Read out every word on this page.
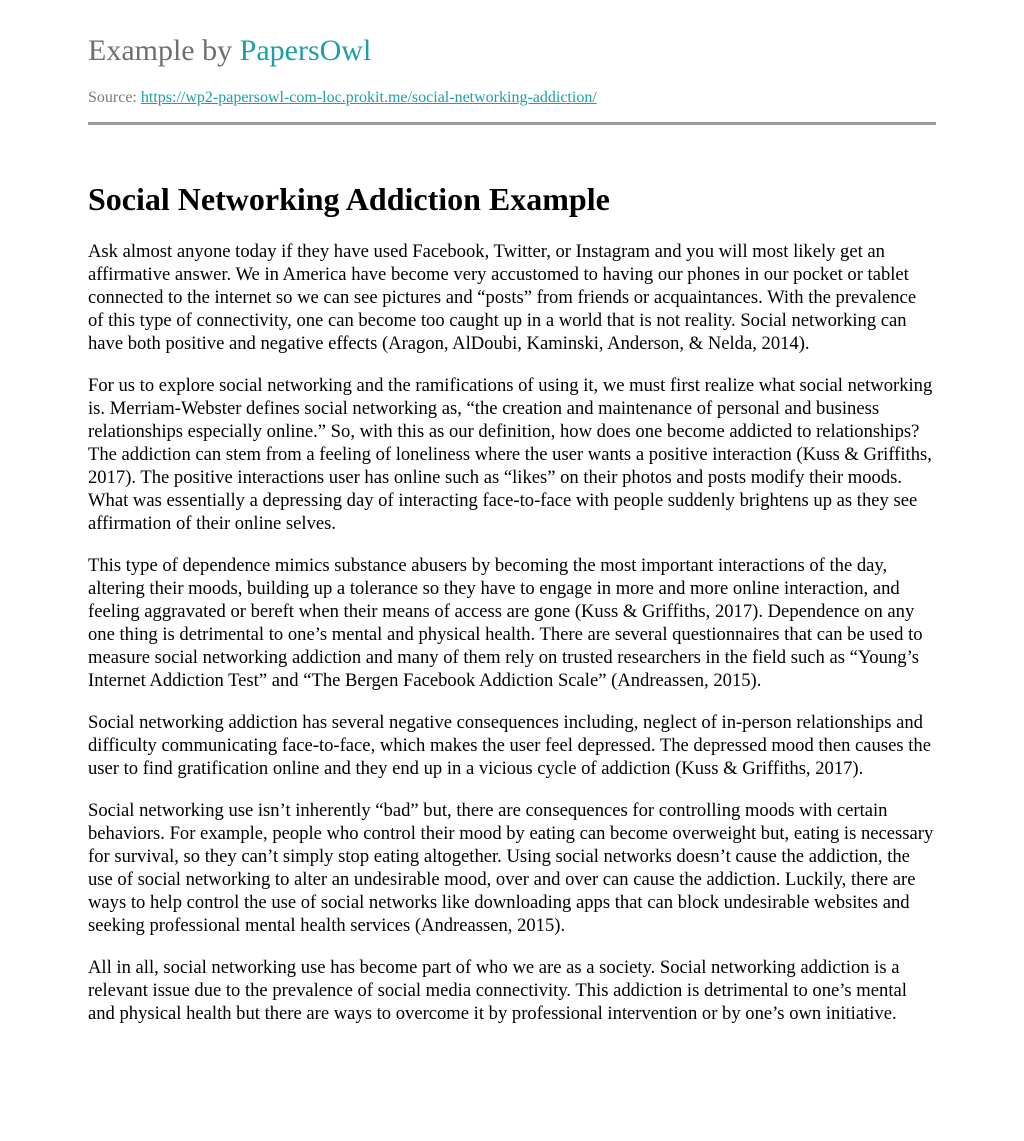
Example by PapersOwl
Source: https://wp2-papersowl-com-loc.prokit.me/social-networking-addiction/
Social Networking Addiction Example

Ask almost anyone today if they have used Facebook, Twitter, or Instagram and you will most likely get an affirmative answer. We in America have become very accustomed to having our phones in our pocket or tablet connected to the internet so we can see pictures and “posts” from friends or acquaintances. With the prevalence of this type of connectivity, one can become too caught up in a world that is not reality. Social networking can have both positive and negative effects (Aragon, AlDoubi, Kaminski, Anderson, & Nelda, 2014).

For us to explore social networking and the ramifications of using it, we must first realize what social networking is. Merriam-Webster defines social networking as, “the creation and maintenance of personal and business relationships especially online.” So, with this as our definition, how does one become addicted to relationships? The addiction can stem from a feeling of loneliness where the user wants a positive interaction (Kuss & Griffiths, 2017). The positive interactions user has online such as “likes” on their photos and posts modify their moods. What was essentially a depressing day of interacting face-to-face with people suddenly brightens up as they see affirmation of their online selves.

This type of dependence mimics substance abusers by becoming the most important interactions of the day, altering their moods, building up a tolerance so they have to engage in more and more online interaction, and feeling aggravated or bereft when their means of access are gone (Kuss & Griffiths, 2017). Dependence on any one thing is detrimental to one’s mental and physical health. There are several questionnaires that can be used to measure social networking addiction and many of them rely on trusted researchers in the field such as “Young’s Internet Addiction Test” and “The Bergen Facebook Addiction Scale” (Andreassen, 2015).

Social networking addiction has several negative consequences including, neglect of in-person relationships and difficulty communicating face-to-face, which makes the user feel depressed. The depressed mood then causes the user to find gratification online and they end up in a vicious cycle of addiction (Kuss & Griffiths, 2017).

Social networking use isn’t inherently “bad” but, there are consequences for controlling moods with certain behaviors. For example, people who control their mood by eating can become overweight but, eating is necessary for survival, so they can’t simply stop eating altogether. Using social networks doesn’t cause the addiction, the use of social networking to alter an undesirable mood, over and over can cause the addiction. Luckily, there are ways to help control the use of social networks like downloading apps that can block undesirable websites and seeking professional mental health services (Andreassen, 2015).

All in all, social networking use has become part of who we are as a society. Social networking addiction is a relevant issue due to the prevalence of social media connectivity. This addiction is detrimental to one’s mental and physical health but there are ways to overcome it by professional intervention or by one’s own initiative.
